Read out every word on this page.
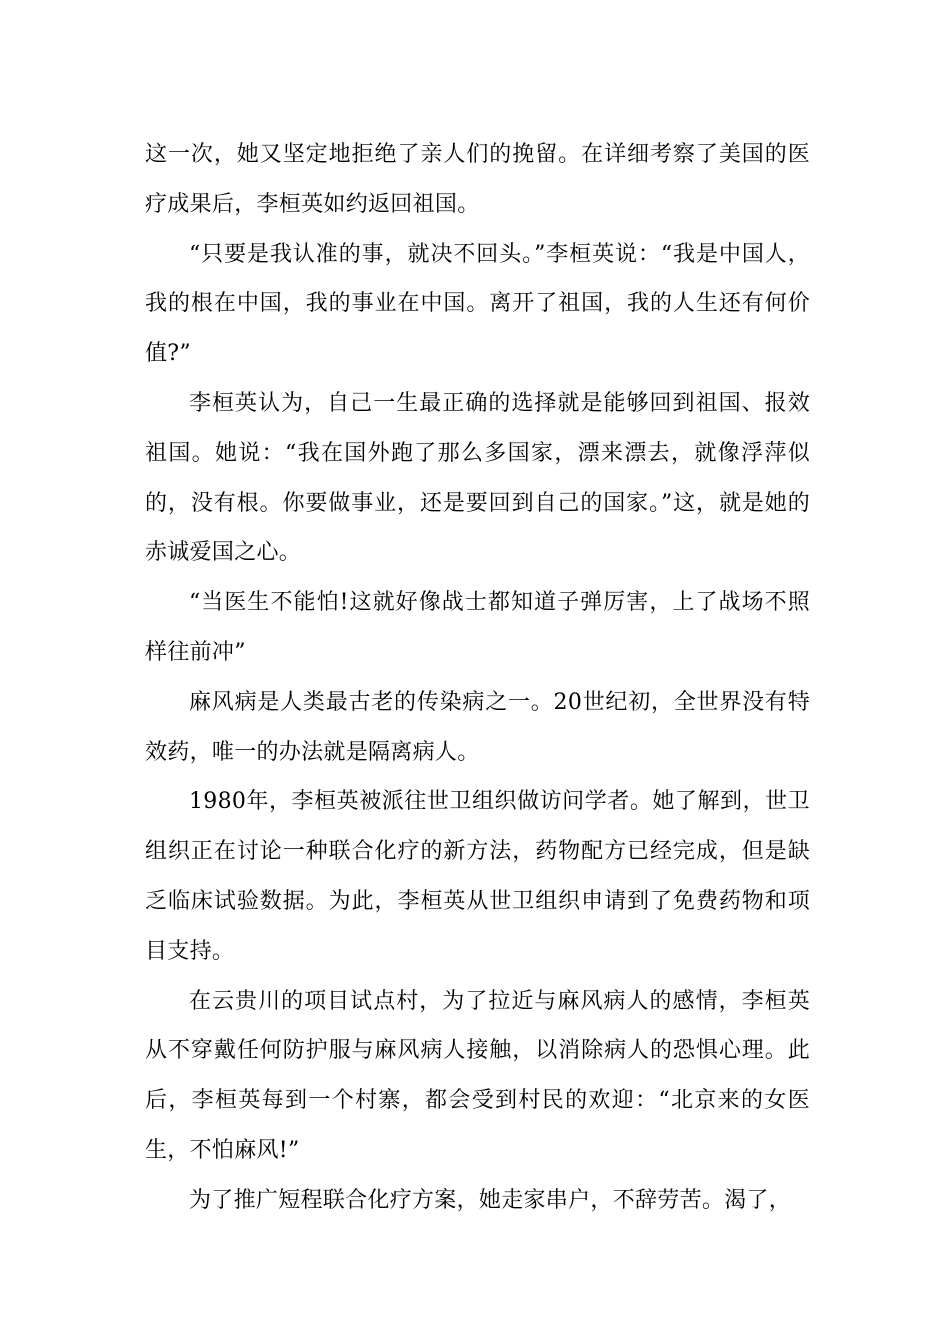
这一次，她又坚定地拒绝了亲人们的挽留。在详细考察了美国的医疗成果后，李桓英如约返回祖国。

“只要是我认准的事，就决不回头。”李桓英说：“我是中国人，我的根在中国，我的事业在中国。离开了祖国，我的人生还有何价值?”

李桓英认为，自己一生最正确的选择就是能够回到祖国、报效祖国。她说：“我在国外跑了那么多国家，漂来漂去，就像浮萍似的，没有根。你要做事业，还是要回到自己的国家。”这，就是她的赤诚爱国之心。

“当医生不能怕!这就好像战士都知道子弹厉害，上了战场不照样往前冲”

麻风病是人类最古老的传染病之一。20世纪初，全世界没有特效药，唯一的办法就是隔离病人。

1980年，李桓英被派往世卫组织做访问学者。她了解到，世卫组织正在讨论一种联合化疗的新方法，药物配方已经完成，但是缺乏临床试验数据。为此，李桓英从世卫组织申请到了免费药物和项目支持。

在云贵川的项目试点村，为了拉近与麻风病人的感情，李桓英从不穿戴任何防护服与麻风病人接触，以消除病人的恐惧心理。此后，李桓英每到一个村寨，都会受到村民的欢迎：“北京来的女医生，不怕麻风!”

为了推广短程联合化疗方案，她走家串户，不辞劳苦。渴了，
